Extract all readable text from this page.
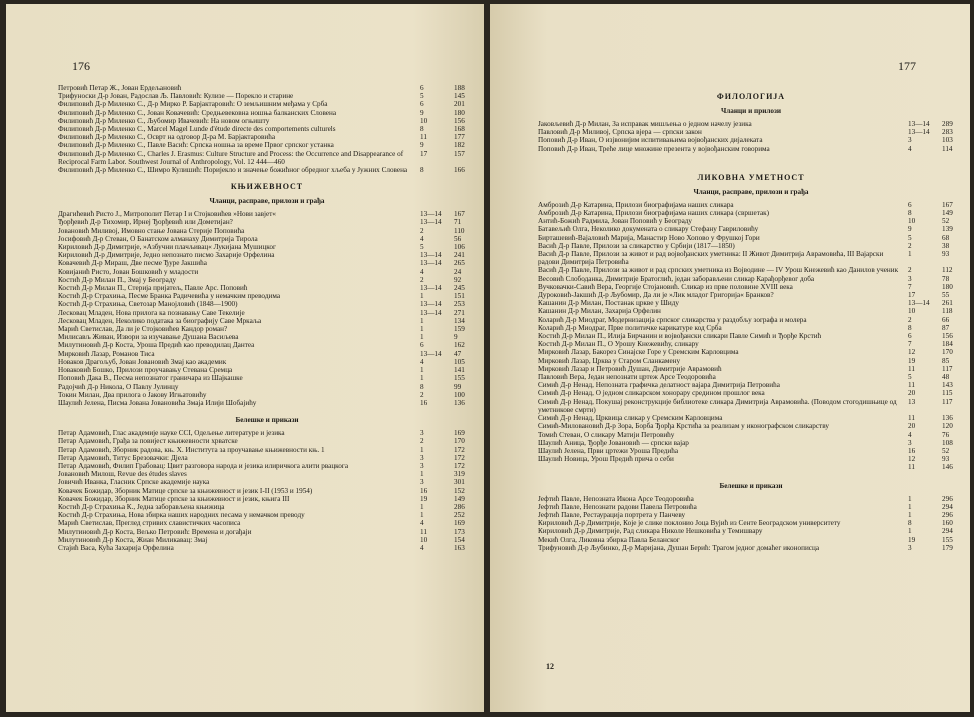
176
Петровић Петар Ж., Јован Ердељановић	6	188
Трифуноски Д-р Јован, Радослав Љ. Павловић: Кулизе — Порекло и старине	5	145
Филиповић Д-р Миленко С., Д-р Мирко Р. Барјактаровић: О земљишним међама у Срба	6	201
Филиповић Д-р Миленко С., Јован Ковачевић: Средњевековна ношња балканских Словена	9	180
Филиповић Д-р Миленко С., Љубомир Ивачевић: На новом огњишту	10	156
Филиповић Д-р Миленко С., Marcel Magel Lunde d'étude directe des comportements culturels	8	168
Филиповић Д-р Миленко С., Осврт на одговор Д-ра М. Барјактаровића	11	177
Филиповић Д-р Миленко С., Павле Васић: Српска ношња за време Првог српског устанка	9	182
Филиповић Д-р Миленко С., Charles J. Erasmus: Culture Structure and Process: the Occurrence and Disappearance of Reciprocal Farm Labor. Southwest Journal of Anthropology, Vol. 12 444—460
17	157
Филиповић Д-р Миленко С., Шимро Кулишић: Поријекло и значење божићног обредног хљеба у Јужних Словена	8	166
КЊИЖЕВНОСТ
Чланци, расправе, прилози и грађа
Драгићевић Ристо Ј., Митрополит Петар I и Стојковићев »Нови завјет«	13—14	167
Ђорђевић Д-р Тихомир, Ирнеј Ђорђевић или Дометијан?	13—14	71
Јовановић Миливој, Имовно стање Јована Стерије Поповића	2	110
Јосифовић Д-р Стеван, О Банатском алманаху Димитрија Тирола	4	56
Кириловић Д-р Димитрије, »Азбучни плачљивац« Лукијана Мушицког	5	106
Кириловић Д-р Димитрије, Једно непознато писмо Захарије Орфелина	13—14	241
Ковачевић Д-р Мираш, Две песме Ђуре Јакшића	13—14	265
Ковијанић Ристо, Јован Бошковић у младости	4	24
Костић Д-р Милан П., Змај у Београду	2	92
Костић Д-р Милан П., Стерија пријатељ, Павле Арс. Поповић	13—14	245
Костић Д-р Страхиња, Песме Бранка Радичевића у немачким преводима	1	151
Костић Д-р Страхиња, Светозар Манојловић (1848—1900)	13—14	253
Лесковац Младен, Нова прилога ка познавању Саве Текелије	13—14	271
Лесковац Младен, Неколико података за биографију Саве Мркаља	1	134
Марић Светислав, Да ли је Стојковићев Кандор роман?	1	159
Милисављ Живан, Извори за изучавање Душана Васиљева	1	9
Милутиновић Д-р Коста, Уроша Предић као преводилац Дантеа	6	162
Мирковић Лазар, Романов Тиса	13—14	47
Новаков Драгољуб, Јован Јовановић Змај као академик	4	105
Новаковић Бошко, Прилози проучавању Стевана Сремца	1	141
Поповић Дака В., Песма непознатог граничара из Шајкашке	1	155
Радојчић Д-р Никола, О Павлу Јулинцу	8	99
Токин Милан, Два прилога о Јакову Игњатовићу	2	100
Шаулић Јелена, Писма Јована Јовановића Змаја Илији Шобајићу	16	136
Белешке и прикази
Петар Адамовић, Глас академије науке CCI, Одељење литературе и језика	3	169
Петар Адамовић, Грађа за повијест књижевности хрватске	2	170
Петар Адамовић, Зборник радова, књ. X. Института за проучавање књижевности књ. 1	1	172
Петар Адамовић, Титус Брезовачки: Дјела	3	172
Петар Адамовић, Филип Грабовац: Цвит разговора народа и језика илиричкога алити рвацкога	3	172
Јовановић Милош, Revue des études slaves	1	319
Јовичић Иванка, Гласник Српске академије наука	3	301
Ковачек Божидар, Зборник Матице српске за књижевност и језик I-II (1953 и 1954)	16	152
Ковачек Божидар, Зборник Матице српске за књижевност и језик, књига III	19	149
Костић Д-р Страхиња К., Једна заборављена књижица	1	286
Костић Д-р Страхиња, Нова збирка наших народних песама у немачком преводу	1	252
Марић Светислав, Преглед стривих славистичких часописа	4	169
Милутиновић Д-р Коста, Вељко Петровић: Времена и догађаји	11	173
Милутиновић Д-р Коста, Жиан Миликавац: Змај	10	154
Стајић Васа, Кућа Захарија Орфелина	4	163
177
ФИЛОЛОГИЈА
Чланци и прилози
Јаковљевић Д-р Милан, За исправак мишљења о једном начелу језика	13—14	289
Павловић Д-р Миливој, Српска вјера — српски закон	13—14	283
Поповић Д-р Иван, О изјвонијим испитивањима војвођанских дијалеката	3	103
Поповић Д-р Иван, Треће лице множине презента у војвођанским говорима	4	114
ЛИКОВНА УМЕТНОСТ
Чланци, расправе, прилози и грађа
Амброзић Д-р Катарина, Прилози биографијама наших сликара	6	167
Амброзић Д-р Катарина, Прилози биографијама наших сликара (свршетак)	8	149
Антић-Божић Радмила, Јован Поповић у Београду	10	52
Батавељић Олга, Неколико докумената о сликару Стефану Гавриловићу	9	139
Бирташевић-Вајаловић Марија, Манастир Ново Хопово у Фрушкој Гори	5	68
Васић Д-р Павле, Прилози за сликарство у Србији (1817—1850)	2	38
Васић Д-р Павле, Прилози за живот и рад војвођанских уметника: II Живот Димитрија Аврамовића, III Вајарски радови Димитрија Петровића
1	93
Васић Д-р Павле, Прилози за живот и рад српских уметника из Војводине — IV Урош Кнежевић као Данилов ученик	2	112
Весовић Слободанка, Димитрије Братоглић, један заборављени сликар Карађорђевог доба	3	78
Вучковачки-Савић Вера, Георгије Стојановић. Сликар из прве половине XVIII века	7	180
Дуроковић-Јакшић Д-р Љубомир, Да ли је »Лик младог Григорија« Бранков?	17	55
Кашанин Д-р Милан, Постанак цркве у Шиду	13—14	261
Кашанин Д-р Милан, Захарија Орфелин	10	118
Коларић Д-р Миодраг, Модернизација српског сликарства у раздобљу зографа и молера	2	66
Коларић Д-р Миодраг, Прве политичке карикатуре код Срба	8	87
Костић Д-р Милан П., Илија Бирчанин и војвођански сликари Павле Симић и Ђорђе Крстић	6	156
Костић Д-р Милан П., О Урошу Кнежевићу, сликару	7	184
Мирковић Лазар, Бакорез Синајске Горе у Сремским Карловцима	12	170
Мирковић Лазар, Црква у Старом Сланкамену	19	85
Мирковић Лазар и Петровић Душан, Димитрије Аврамовић	11	117
Павловић Вера, Један непознати цртеж Арсе Теодоровића	5	48
Симић Д-р Ненад, Непозната графичка делатност вајара Димитрија Петровића	11	143
Симић Д-р Ненад, О једном сликарском хонорару средином прошлог века	20	115
Симић Д-р Ненад, Покушај реконструкције библиотеке сликара Димитрија Аврамовића. (Поводом стогодишњице од уметникове смрти)
13	117
Симић Д-р Ненад, Црквица сликар у Сремским Карловцима	11	136
Симић-Миловановић Д-р Зора, Борба Ђорђа Крстића за реализам у иконографском сликарству	20	120
Томић Стеван, О сликару Матији Петровићу	4	76
Шаулић Аница, Ђорђе Јовановић — српски вајар	3	108
Шаулић Јелена, Први цртежи Уроша Предића	16	52
Шаулић Новица, Урош Предић прича о себи	12	93
11	146
Белешке и прикази
Јефтић Павле, Непозната Икона Арсе Теодоровића	1	296
Јефтић Павле, Непознати радови Павела Петровића	1	294
Јефтић Павле, Рестаурација портрета у Панчеву	1	296
Кириловић Д-р Димитрије, Које је слике поклонио Јоца Вујић из Сенте Београдском университету	8	160
Кириловић Д-р Димитрије, Рад сликара Николе Нешковића у Темишвару	1	294
Мекић Олга, Ликовна збирка Павла Беланског	19	155
Трифуновић Д-р Љубинко, Д-р Маријана, Душан Берић: Трагом једног домаћег иконописца	3	179
12
